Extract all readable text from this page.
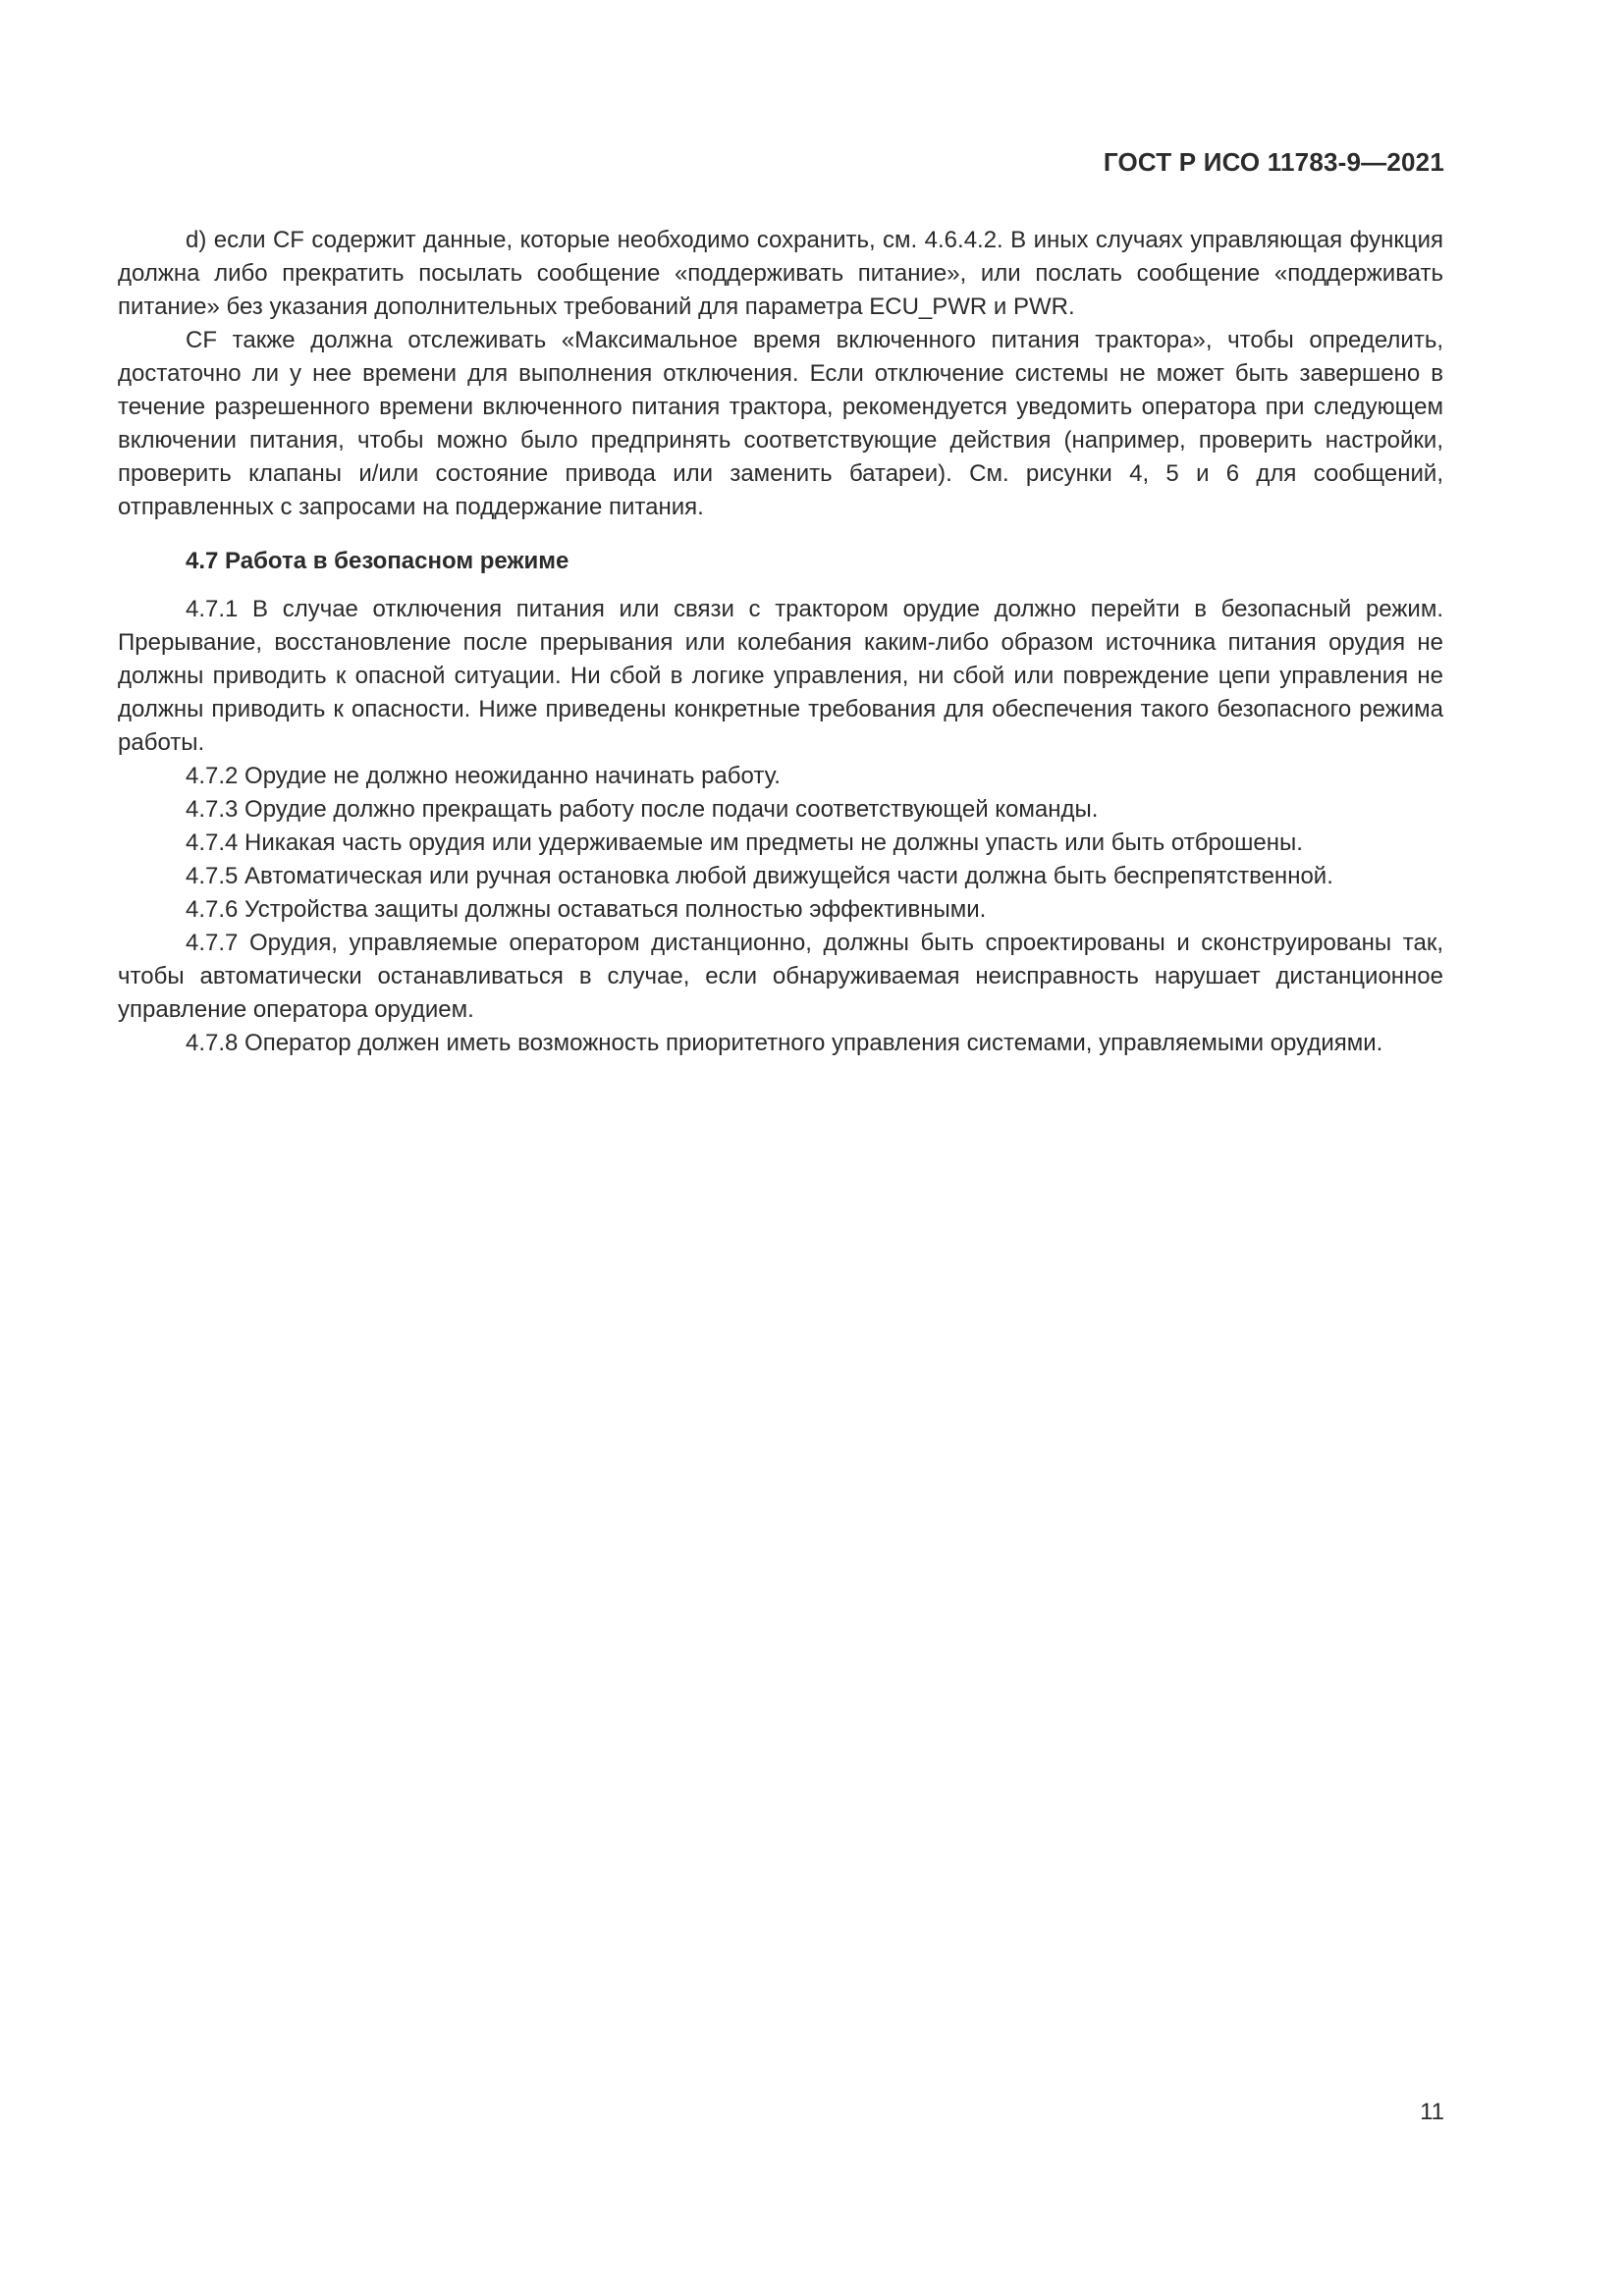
ГОСТ Р ИСО 11783-9—2021

d) если CF содержит данные, которые необходимо сохранить, см. 4.6.4.2. В иных случаях управляющая функция должна либо прекратить посылать сообщение «поддерживать питание», или послать сообщение «поддерживать питание» без указания дополнительных требований для параметра ECU_PWR и PWR.

CF также должна отслеживать «Максимальное время включенного питания трактора», чтобы определить, достаточно ли у нее времени для выполнения отключения. Если отключение системы не может быть завершено в течение разрешенного времени включенного питания трактора, рекомендуется уведомить оператора при следующем включении питания, чтобы можно было предпринять соответствующие действия (например, проверить настройки, проверить клапаны и/или состояние привода или заменить батареи). См. рисунки 4, 5 и 6 для сообщений, отправленных с запросами на поддержание питания.

4.7 Работа в безопасном режиме

4.7.1 В случае отключения питания или связи с трактором орудие должно перейти в безопасный режим. Прерывание, восстановление после прерывания или колебания каким-либо образом источника питания орудия не должны приводить к опасной ситуации. Ни сбой в логике управления, ни сбой или повреждение цепи управления не должны приводить к опасности. Ниже приведены конкретные требования для обеспечения такого безопасного режима работы.

4.7.2 Орудие не должно неожиданно начинать работу.

4.7.3 Орудие должно прекращать работу после подачи соответствующей команды.

4.7.4 Никакая часть орудия или удерживаемые им предметы не должны упасть или быть отброшены.

4.7.5 Автоматическая или ручная остановка любой движущейся части должна быть беспрепятственной.

4.7.6 Устройства защиты должны оставаться полностью эффективными.

4.7.7 Орудия, управляемые оператором дистанционно, должны быть спроектированы и сконструированы так, чтобы автоматически останавливаться в случае, если обнаруживаемая неисправность нарушает дистанционное управление оператора орудием.

4.7.8 Оператор должен иметь возможность приоритетного управления системами, управляемыми орудиями.

11
